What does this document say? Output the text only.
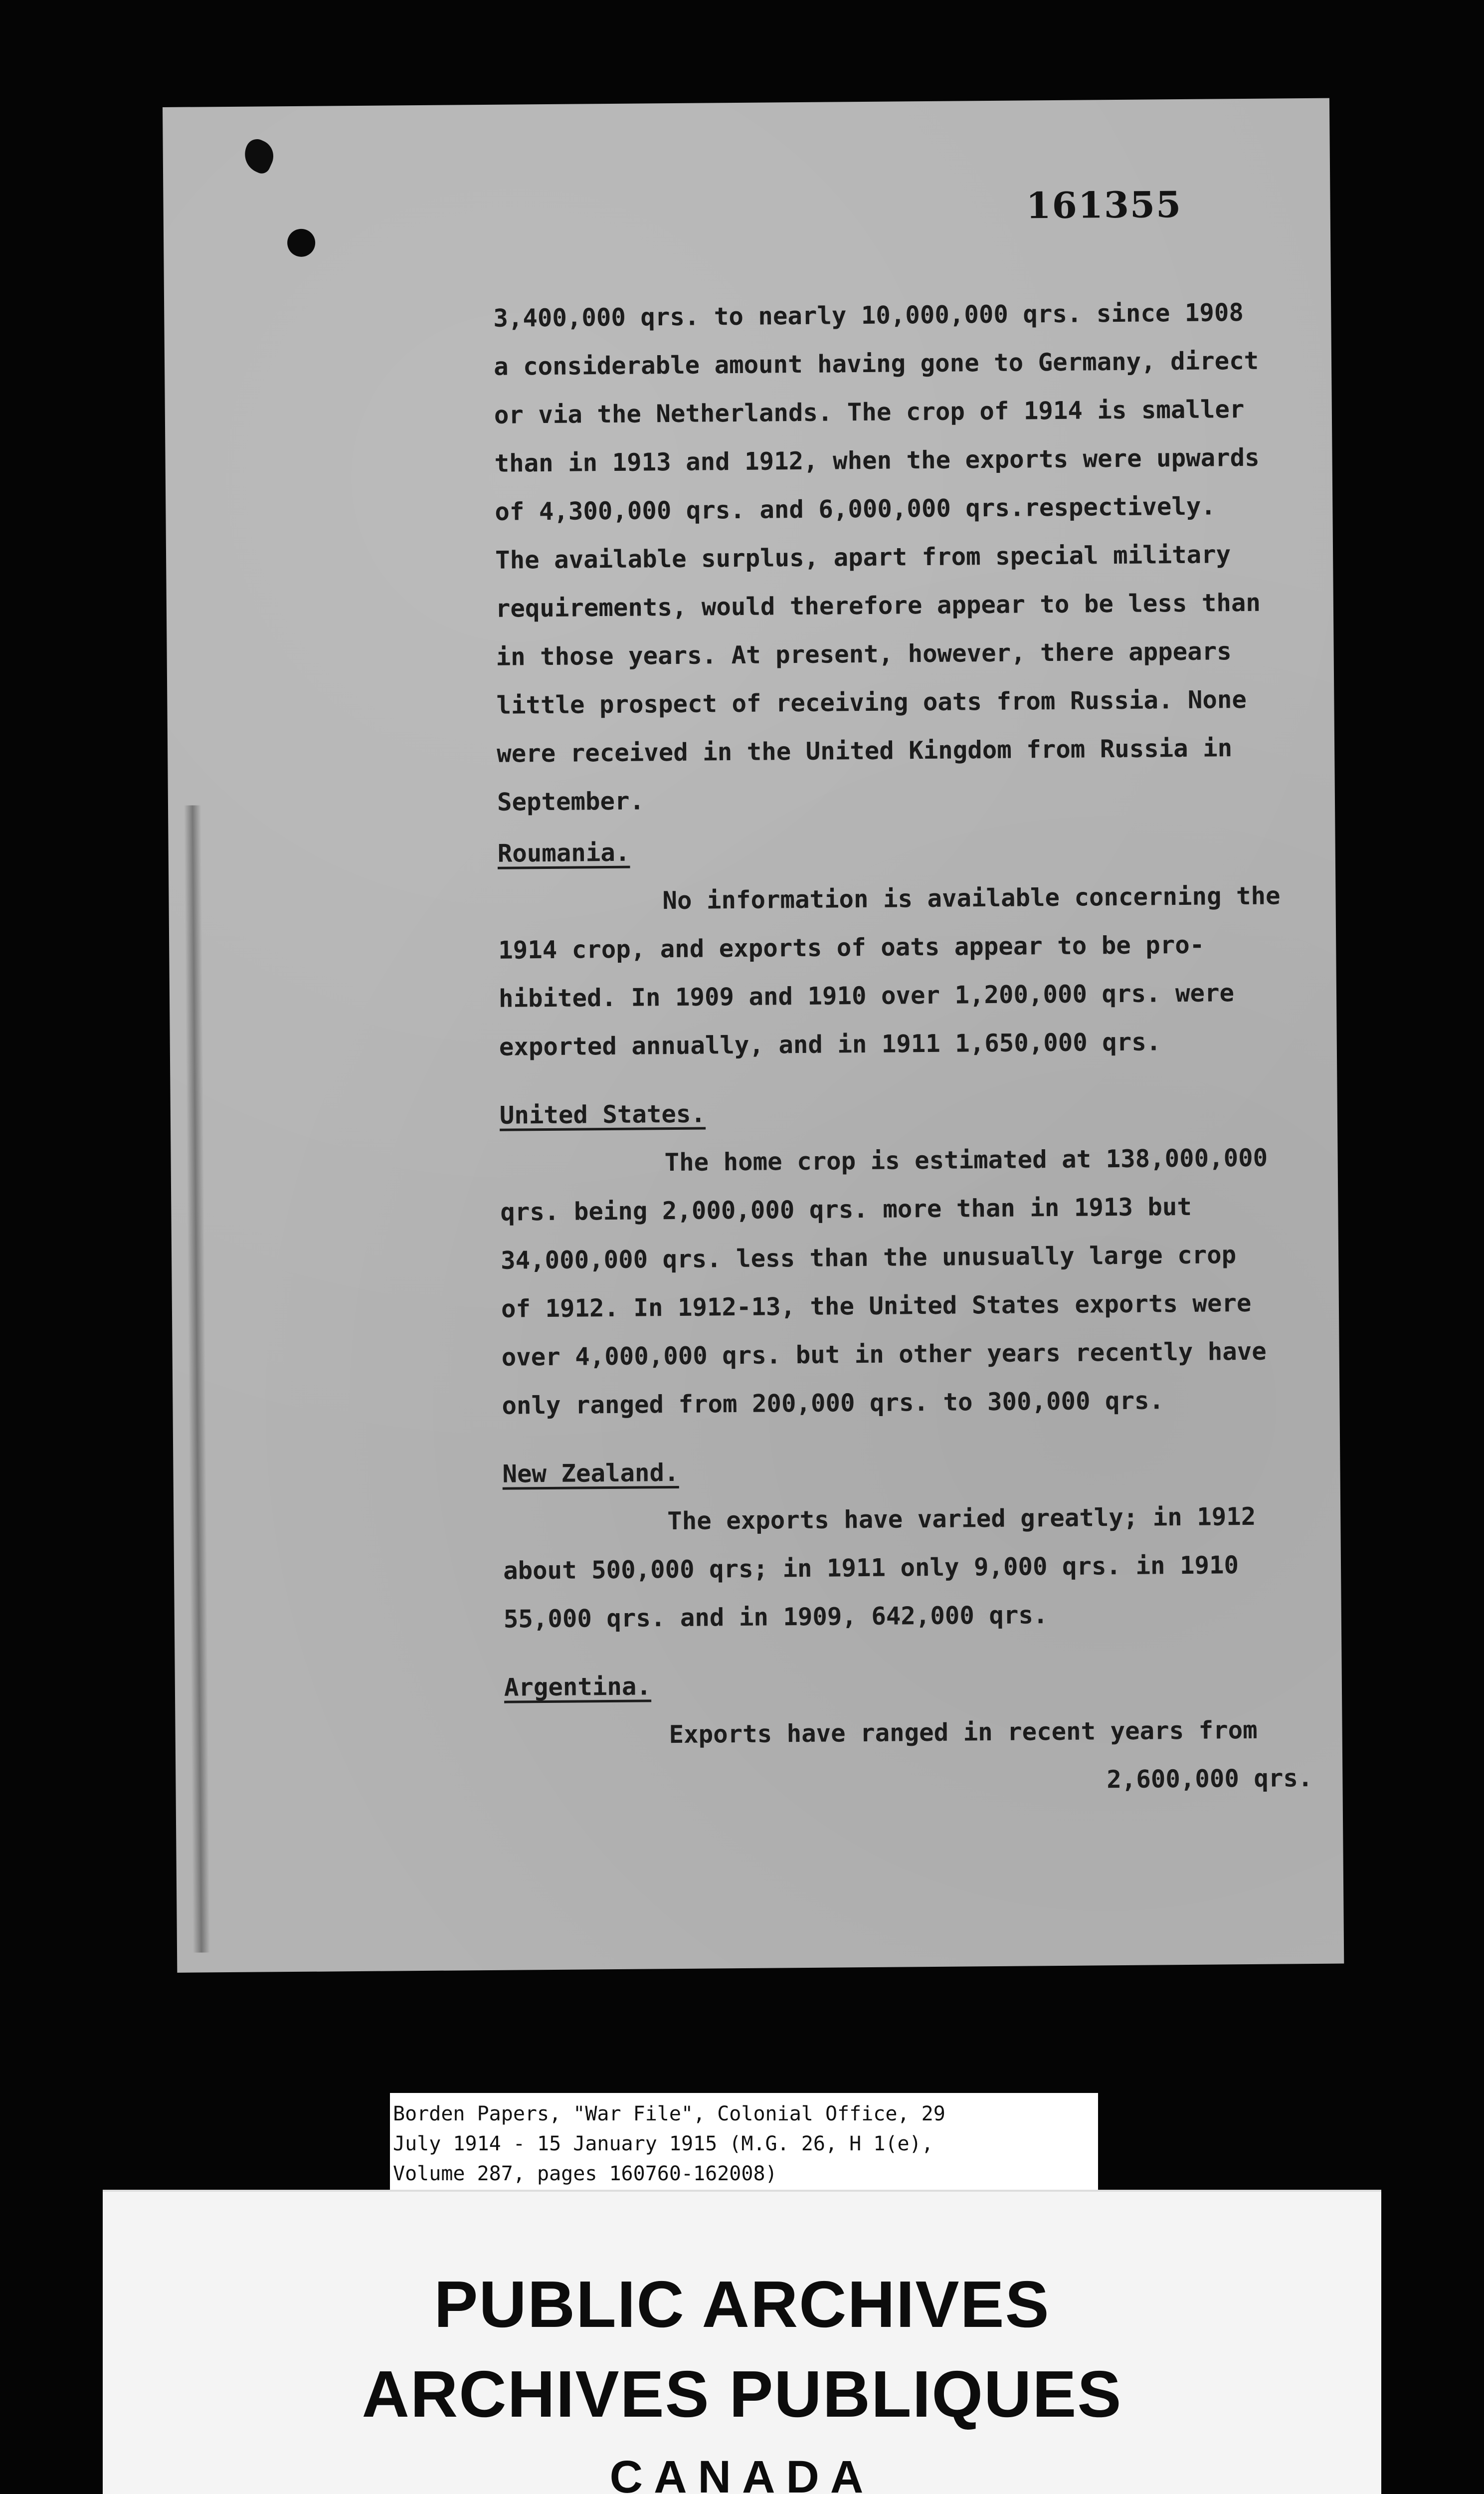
161355
3,400,000 qrs. to nearly 10,000,000 qrs. since 1908
a considerable amount having gone to Germany, direct
or via the Netherlands. The crop of 1914 is smaller
than in 1913 and 1912, when the exports were upwards
of 4,300,000 qrs. and 6,000,000 qrs.respectively.
The available surplus, apart from special military
requirements, would therefore appear to be less than
in those years. At present, however, there appears
little prospect of receiving oats from Russia. None
were received in the United Kingdom from Russia in
September.
Roumania.
No information is available concerning the
1914 crop, and exports of oats appear to be pro-
hibited. In 1909 and 1910 over 1,200,000 qrs. were
exported annually, and in 1911 1,650,000 qrs.
United States.
The home crop is estimated at 138,000,000
qrs. being 2,000,000 qrs. more than in 1913 but
34,000,000 qrs. less than the unusually large crop
of 1912. In 1912-13, the United States exports were
over 4,000,000 qrs. but in other years recently have
only ranged from 200,000 qrs. to 300,000 qrs.
New Zealand.
The exports have varied greatly; in 1912
about 500,000 qrs; in 1911 only 9,000 qrs. in 1910
55,000 qrs. and in 1909, 642,000 qrs.
Argentina.
Exports have ranged in recent years from
2,600,000 qrs.
Borden Papers, "War File", Colonial Office, 29
July 1914 - 15 January 1915 (M.G. 26, H 1(e),
Volume 287, pages 160760-162008)
PUBLIC ARCHIVES
ARCHIVES PUBLIQUES
CANADA
